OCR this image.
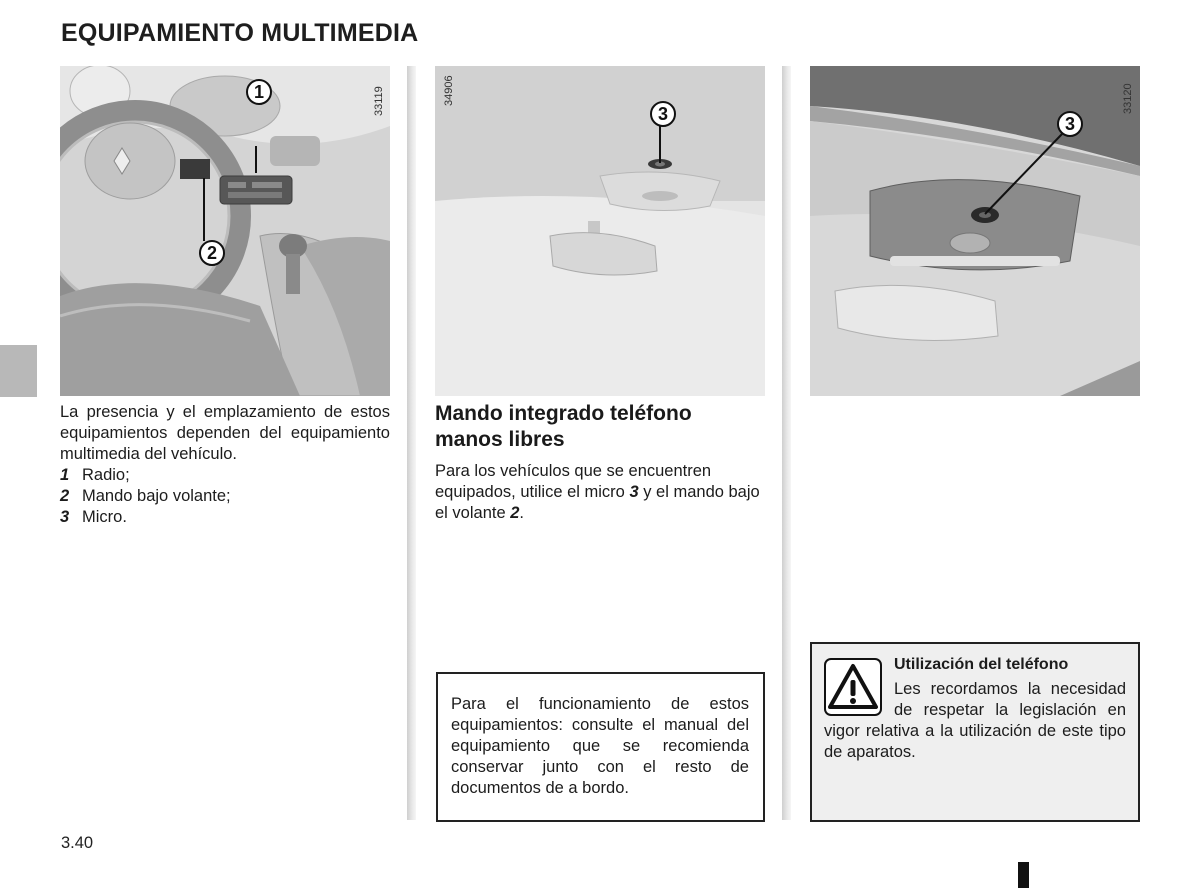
EQUIPAMIENTO MULTIMEDIA
1
2
33119	3
34906
3
33120
La presencia y el emplazamiento de estos equipamientos dependen del equipamiento multimedia del vehículo.
1 Radio;
2 Mando bajo volante;
3 Micro.
Mando integrado teléfono manos libres
Para los vehículos que se encuentren equipados, utilice el micro 3 y el mando bajo el volante 2.
Para el funcionamiento de estos equipamientos: consulte el manual del equipamiento que se recomienda conservar junto con el resto de documentos de a bordo.
Utilización del teléfono
Les recordamos la necesidad de respetar la legislación en vigor relativa a la utilización de este tipo de aparatos.
3.40
